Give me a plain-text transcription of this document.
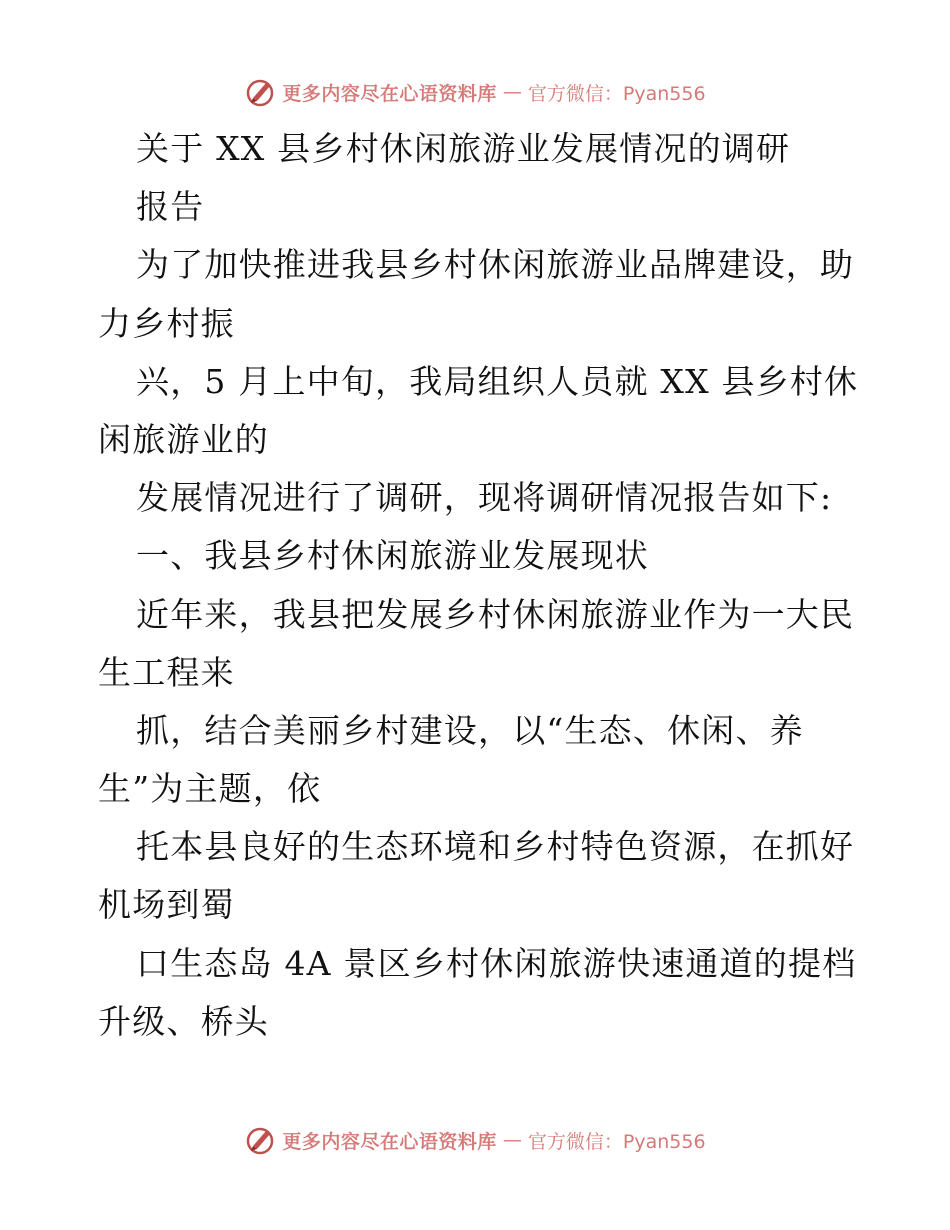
更多内容尽在心语资料库 — 官方微信：Pyan556
关于 XX 县乡村休闲旅游业发展情况的调研
报告
为了加快推进我县乡村休闲旅游业品牌建设，助
力乡村振
兴，5 月上中旬，我局组织人员就 XX 县乡村休
闲旅游业的
发展情况进行了调研，现将调研情况报告如下:
一、我县乡村休闲旅游业发展现状
近年来，我县把发展乡村休闲旅游业作为一大民
生工程来
抓，结合美丽乡村建设，以“生态、休闲、养
生”为主题，依
托本县良好的生态环境和乡村特色资源，在抓好
机场到蜀
口生态岛 4A 景区乡村休闲旅游快速通道的提档
升级、桥头
更多内容尽在心语资料库 — 官方微信：Pyan556
